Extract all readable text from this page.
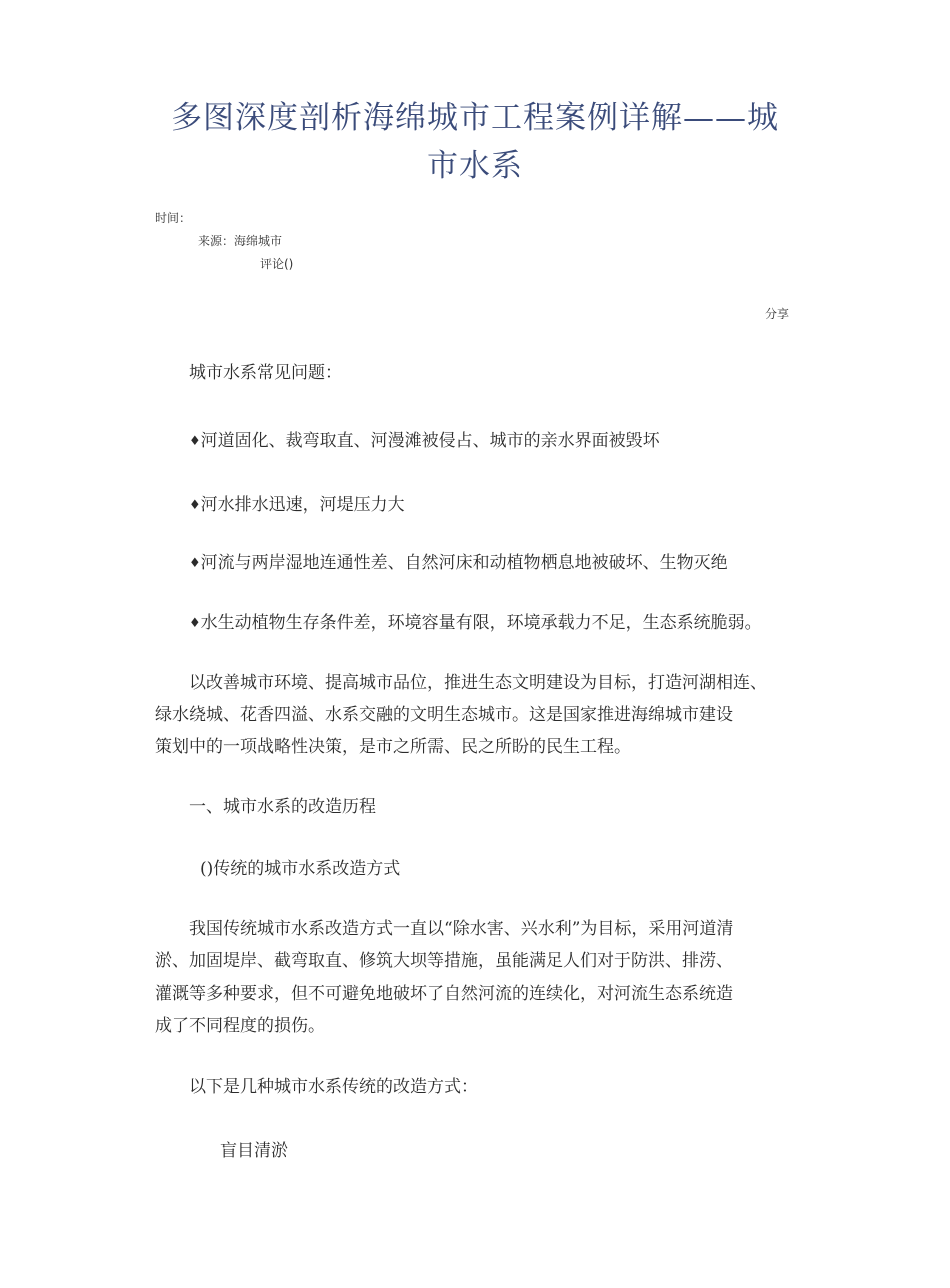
多图深度剖析海绵城市工程案例详解——城
市水系
时间：
来源：海绵城市
评论()
分享

城市水系常见问题：

♦河道固化、裁弯取直、河漫滩被侵占、城市的亲水界面被毁坏

♦河水排水迅速，河堤压力大

♦河流与两岸湿地连通性差、自然河床和动植物栖息地被破坏、生物灭绝

♦水生动植物生存条件差，环境容量有限，环境承载力不足，生态系统脆弱。

以改善城市环境、提高城市品位，推进生态文明建设为目标，打造河湖相连、

绿水绕城、花香四溢、水系交融的文明生态城市。这是国家推进海绵城市建设

策划中的一项战略性决策，是市之所需、民之所盼的民生工程。

一、城市水系的改造历程

()传统的城市水系改造方式

我国传统城市水系改造方式一直以“除水害、兴水利”为目标，采用河道清

淤、加固堤岸、截弯取直、修筑大坝等措施，虽能满足人们对于防洪、排涝、

灌溉等多种要求，但不可避免地破坏了自然河流的连续化，对河流生态系统造

成了不同程度的损伤。

以下是几种城市水系传统的改造方式：

盲目清淤
